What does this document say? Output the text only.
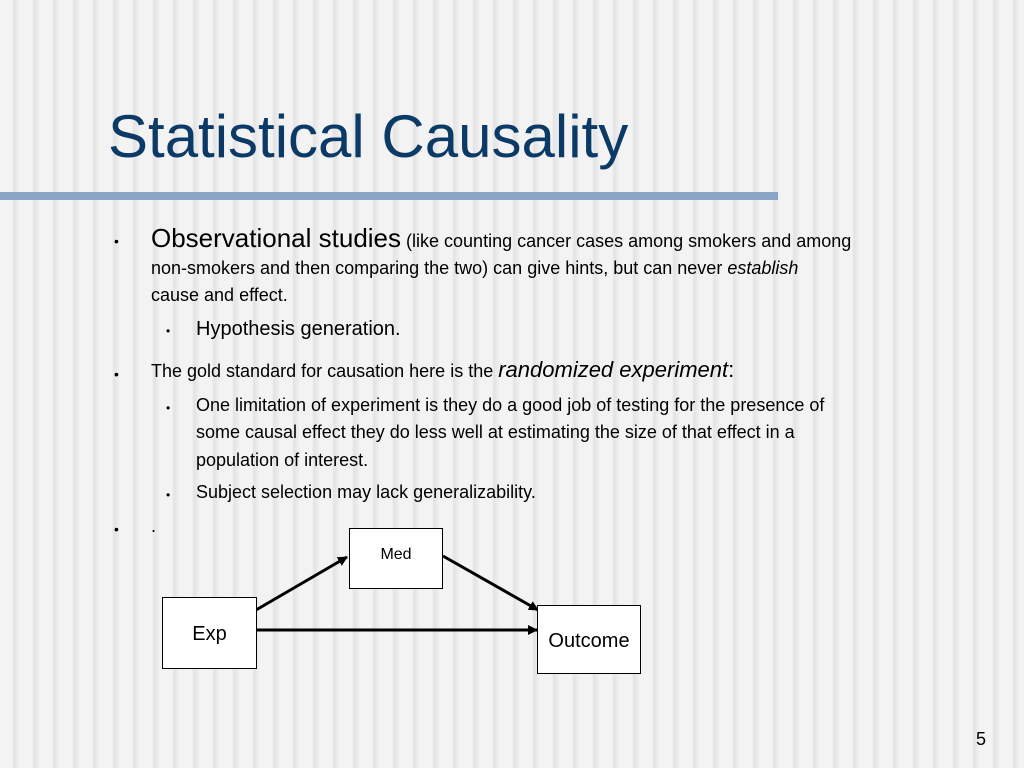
Statistical Causality
• Observational studies (like counting cancer cases among smokers and among
non-smokers and then comparing the two) can give hints, but can never establish
cause and effect.
• Hypothesis generation.
• The gold standard for causation here is the randomized experiment:
• One limitation of experiment is they do a good job of testing for the presence of
some causal effect they do less well at estimating the size of that effect in a
population of interest.
• Subject selection may lack generalizability.
• .
Med
Exp	Outcome
5
